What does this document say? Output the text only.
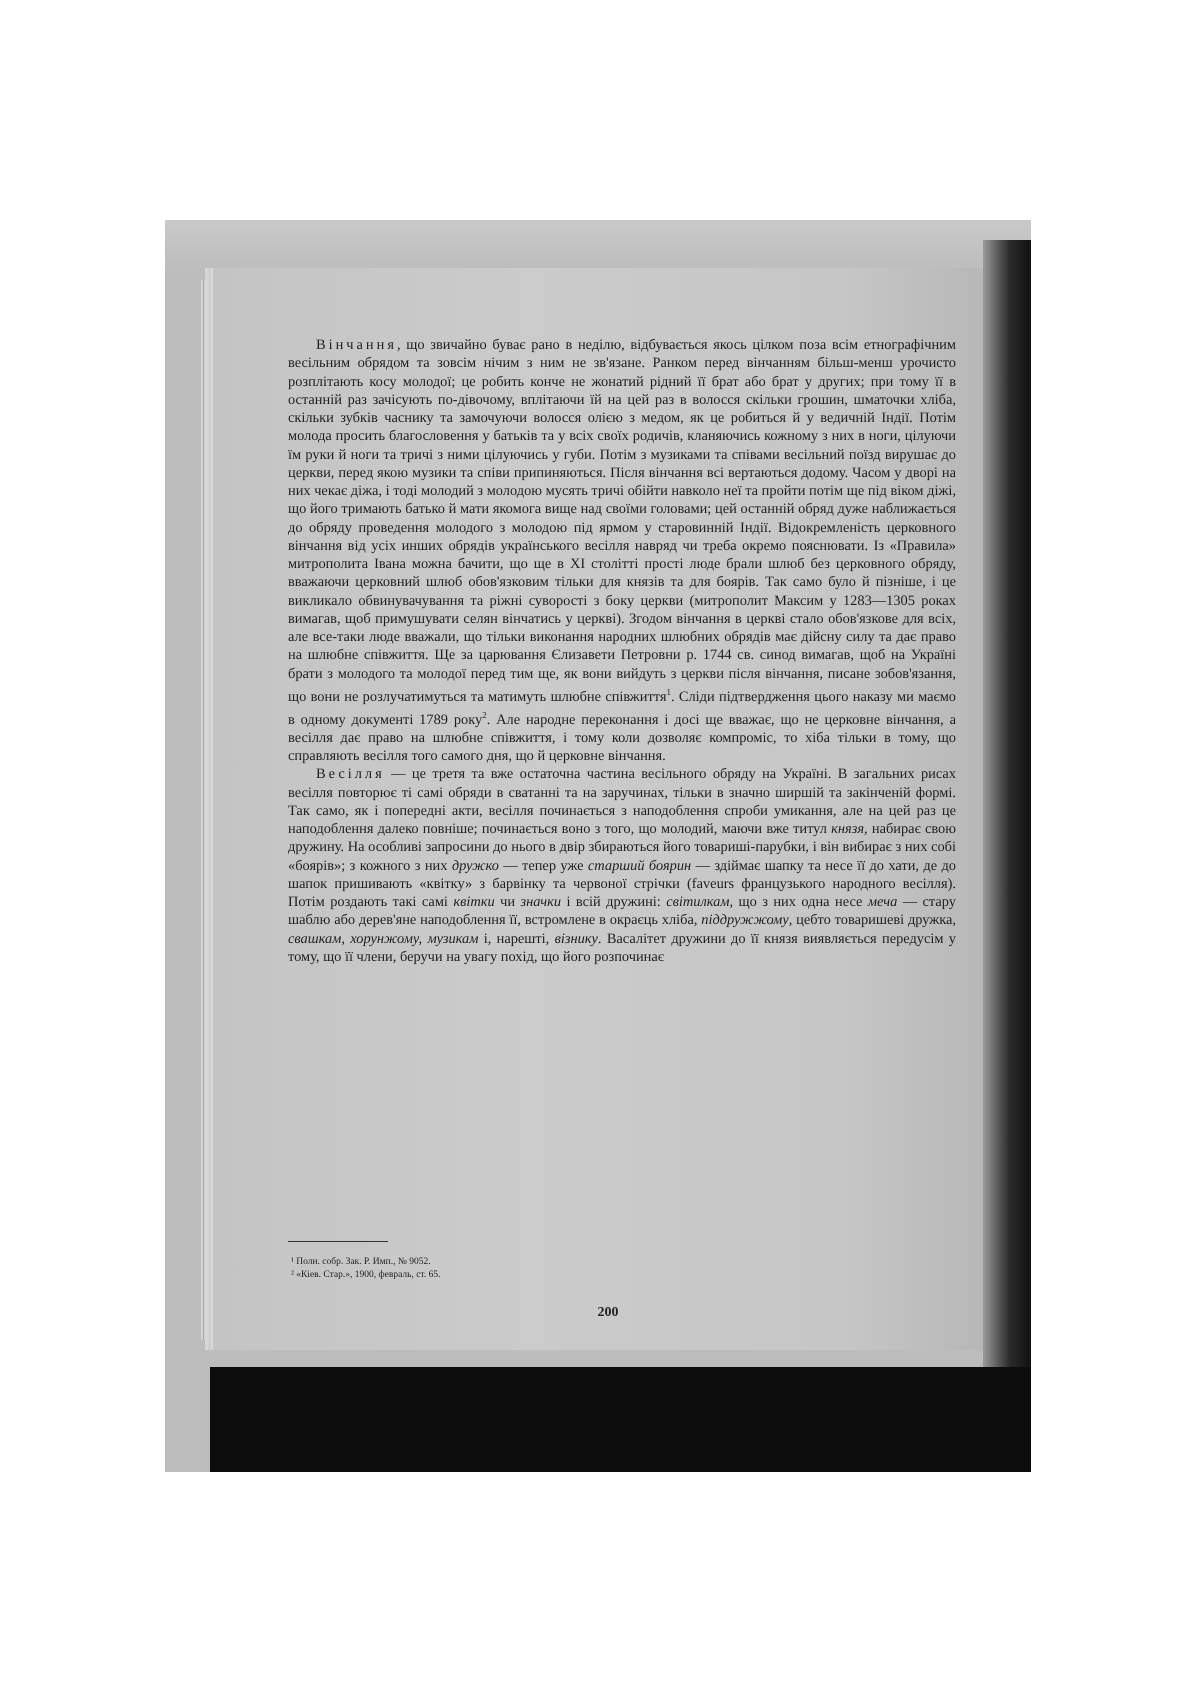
Вінчання, що звичайно буває рано в неділю, відбувається якось цілком поза всім етнографічним весільним обрядом та зовсім нічим з ним не зв'язане. Ранком перед вінчанням більш-менш урочисто розплітають косу молодої; це робить конче не жонатий рідний її брат або брат у других; при тому її в останній раз зачісують по-дівочому, вплітаючи їй на цей раз в волосся скільки грошин, шматочки хліба, скільки зубків часнику та замочуючи волосся олією з медом, як це робиться й у ведичній Індії. Потім молода просить благословення у батьків та у всіх своїх родичів, кланяючись кожному з них в ноги, цілуючи їм руки й ноги та тричі з ними цілуючись у губи. Потім з музиками та співами весільний поїзд вирушає до церкви, перед якою музики та співи припиняються. Після вінчання всі вертаються додому. Часом у дворі на них чекає діжа, і тоді молодий з молодою мусять тричі обійти навколо неї та пройти потім ще під віком діжі, що його тримають батько й мати якомога вище над своїми головами; цей останній обряд дуже наближається до обряду проведення молодого з молодою під ярмом у старовинній Індії. Відокремленість церковного вінчання від усіх инших обрядів українського весілля навряд чи треба окремо пояснювати. Із «Правила» митрополита Івана можна бачити, що ще в XI столітті прості люде брали шлюб без церковного обряду, вважаючи церковний шлюб обов'язковим тільки для князів та для боярів. Так само було й пізніше, і це викликало обвинувачування та ріжні суворості з боку церкви (митрополит Максим у 1283—1305 роках вимагав, щоб примушувати селян вінчатись у церкві). Згодом вінчання в церкві стало обов'язкове для всіх, але все-таки люде вважали, що тільки виконання народних шлюбних обрядів має дійсну силу та дає право на шлюбне співжиття. Ще за царювання Єлизавети Петровни р. 1744 св. синод вимагав, щоб на Україні брати з молодого та молодої перед тим ще, як вони вийдуть з церкви після вінчання, писане зобов'язання, що вони не розлучатимуться та матимуть шлюбне співжиття$^1$. Сліди підтвердження цього наказу ми маємо в одному документі 1789 року$^2$. Але народне переконання і досі ще вважає, що не церковне вінчання, а весілля дає право на шлюбне співжиття, і тому коли дозволяє компроміс, то хіба тільки в тому, що справляють весілля того самого дня, що й церковне вінчання.

Весілля — це третя та вже остаточна частина весільного обряду на Україні. В загальних рисах весілля повторює ті самі обряди в сватанні та на заручинах, тільки в значно ширшій та закінченій формі. Так само, як і попередні акти, весілля починається з наподоблення спроби умикання, але на цей раз це наподоблення далеко повніше; починається воно з того, що молодий, маючи вже титул князя, набирає свою дружину. На особливі запросини до нього в двір збираються його товариші-парубки, і він вибирає з них собі «боярів»; з кожного з них дружко — тепер уже старший боярин — здіймає шапку та несе її до хати, де до шапок пришивають «квітку» з барвінку та червоної стрічки (faveurs французького народного весілля). Потім роздають такі самі квітки чи значки і всій дружині: світилкам, що з них одна несе меча — стару шаблю або дерев'яне наподоблення її, встромлене в окраєць хліба, піддружжому, цебто товаришеві дружка, свашкам, хорунжому, музикам і, нарешті, візнику. Васалітет дружини до її князя виявляється передусім у тому, що її члени, беручи на увагу похід, що його розпочинає

¹ Полн. собр. Зак. Р. Имп., № 9052.
² «Кіев. Стар.», 1900, февраль, ст. 65.
200
